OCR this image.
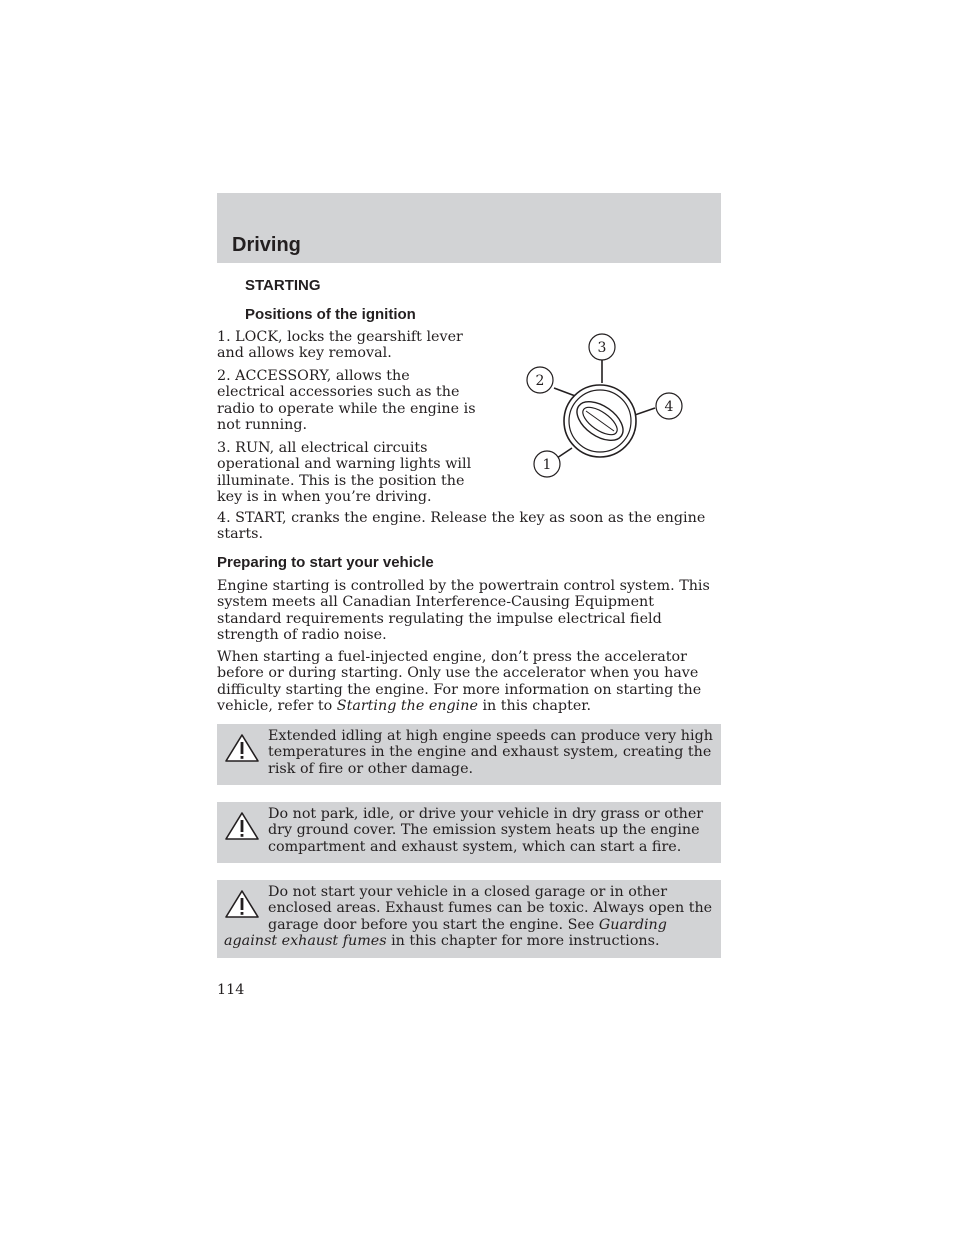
Driving
STARTING
Positions of the ignition
1. LOCK, locks the gearshift lever and allows key removal.
2. ACCESSORY, allows the electrical accessories such as the radio to operate while the engine is not running.
3. RUN, all electrical circuits operational and warning lights will illuminate. This is the position the key is in when you’re driving.
4. START, cranks the engine. Release the key as soon as the engine starts.
3
2
4
1
Preparing to start your vehicle
Engine starting is controlled by the powertrain control system. This system meets all Canadian Interference-Causing Equipment standard requirements regulating the impulse electrical field strength of radio noise.
When starting a fuel-injected engine, don’t press the accelerator before or during starting. Only use the accelerator when you have difficulty starting the engine. For more information on starting the vehicle, refer to Starting the engine in this chapter.
Extended idling at high engine speeds can produce very high temperatures in the engine and exhaust system, creating the risk of fire or other damage.
Do not park, idle, or drive your vehicle in dry grass or other dry ground cover. The emission system heats up the engine compartment and exhaust system, which can start a fire.
Do not start your vehicle in a closed garage or in other enclosed areas. Exhaust fumes can be toxic. Always open the garage door before you start the engine. See Guarding against exhaust fumes in this chapter for more instructions.
114
